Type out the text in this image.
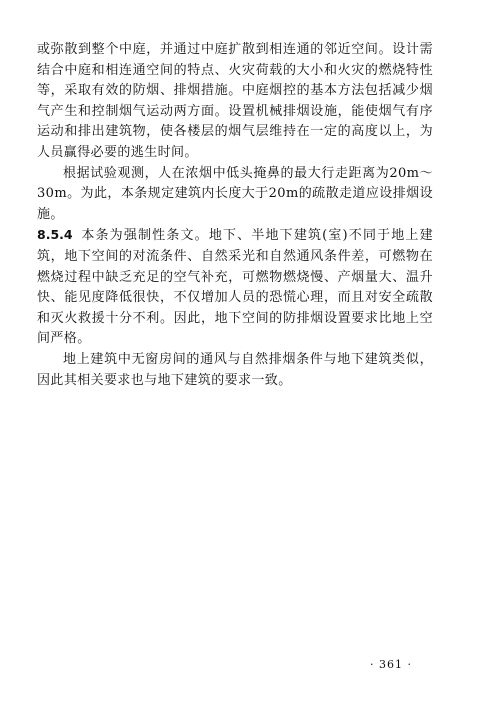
或弥散到整个中庭，并通过中庭扩散到相连通的邻近空间。设计需结合中庭和相连通空间的特点、火灾荷载的大小和火灾的燃烧特性等，采取有效的防烟、排烟措施。中庭烟控的基本方法包括减少烟气产生和控制烟气运动两方面。设置机械排烟设施，能使烟气有序运动和排出建筑物，使各楼层的烟气层维持在一定的高度以上，为人员赢得必要的逃生时间。

根据试验观测，人在浓烟中低头掩鼻的最大行走距离为20m～30m。为此，本条规定建筑内长度大于20m的疏散走道应设排烟设施。

8.5.4 本条为强制性条文。地下、半地下建筑(室)不同于地上建筑，地下空间的对流条件、自然采光和自然通风条件差，可燃物在燃烧过程中缺乏充足的空气补充，可燃物燃烧慢、产烟量大、温升快、能见度降低很快，不仅增加人员的恐慌心理，而且对安全疏散和灭火救援十分不利。因此，地下空间的防排烟设置要求比地上空间严格。

地上建筑中无窗房间的通风与自然排烟条件与地下建筑类似，因此其相关要求也与地下建筑的要求一致。

· 361 ·
